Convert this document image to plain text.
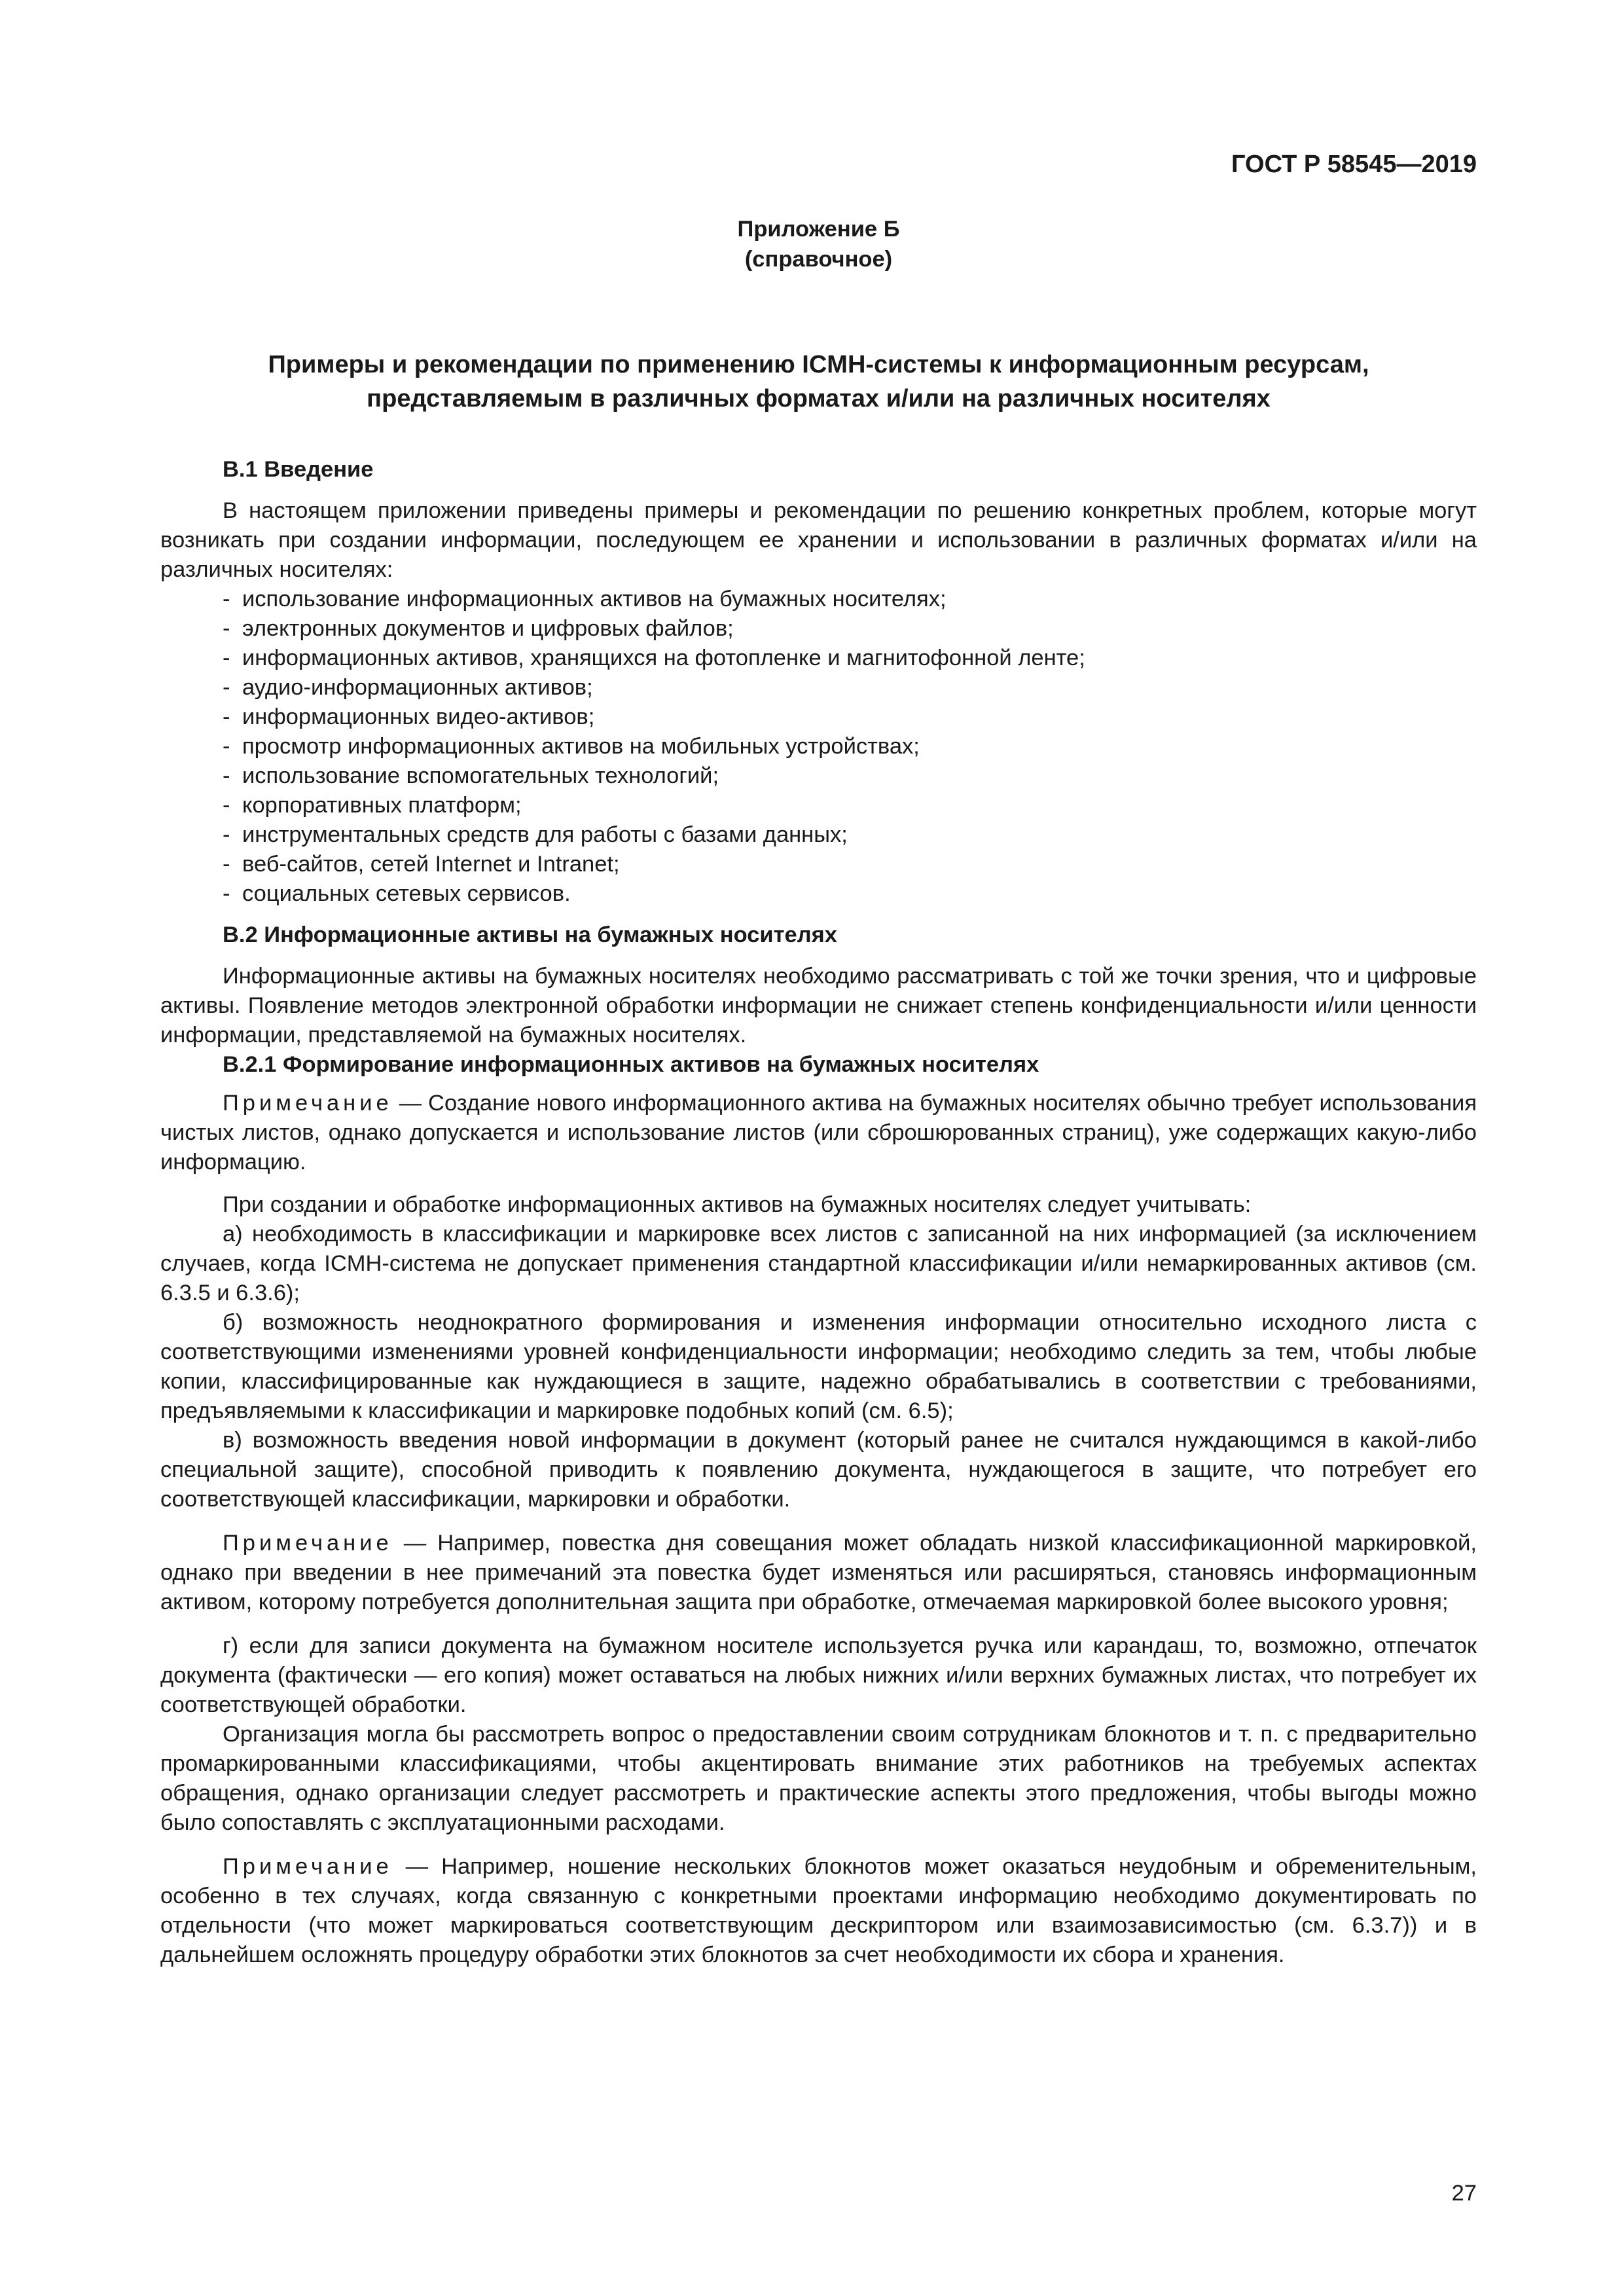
ГОСТ Р 58545—2019
Приложение Б
(справочное)
Примеры и рекомендации по применению ICMH-системы к информационным ресурсам,
представляемым в различных форматах и/или на различных носителях
В.1 Введение

В настоящем приложении приведены примеры и рекомендации по решению конкретных проблем, которые могут возникать при создании информации, последующем ее хранении и использовании в различных форматах и/или на различных носителях:

- использование информационных активов на бумажных носителях;
- электронных документов и цифровых файлов;
- информационных активов, хранящихся на фотопленке и магнитофонной ленте;
- аудио-информационных активов;
- информационных видео-активов;
- просмотр информационных активов на мобильных устройствах;
- использование вспомогательных технологий;
- корпоративных платформ;
- инструментальных средств для работы с базами данных;
- веб-сайтов, сетей Internet и Intranet;
- социальных сетевых сервисов.
В.2 Информационные активы на бумажных носителях

Информационные активы на бумажных носителях необходимо рассматривать с той же точки зрения, что и цифровые активы. Появление методов электронной обработки информации не снижает степень конфиденциальности и/или ценности информации, представляемой на бумажных носителях.

В.2.1 Формирование информационных активов на бумажных носителях

Примечание — Создание нового информационного актива на бумажных носителях обычно требует использования чистых листов, однако допускается и использование листов (или сброшюрованных страниц), уже содержащих какую-либо информацию.

При создании и обработке информационных активов на бумажных носителях следует учитывать:

а) необходимость в классификации и маркировке всех листов с записанной на них информацией (за исключением случаев, когда ICMH-система не допускает применения стандартной классификации и/или немаркированных активов (см. 6.3.5 и 6.3.6);

б) возможность неоднократного формирования и изменения информации относительно исходного листа с соответствующими изменениями уровней конфиденциальности информации; необходимо следить за тем, чтобы любые копии, классифицированные как нуждающиеся в защите, надежно обрабатывались в соответствии с требованиями, предъявляемыми к классификации и маркировке подобных копий (см. 6.5);

в) возможность введения новой информации в документ (который ранее не считался нуждающимся в какой-либо специальной защите), способной приводить к появлению документа, нуждающегося в защите, что потребует его соответствующей классификации, маркировки и обработки.

Примечание — Например, повестка дня совещания может обладать низкой классификационной маркировкой, однако при введении в нее примечаний эта повестка будет изменяться или расширяться, становясь информационным активом, которому потребуется дополнительная защита при обработке, отмечаемая маркировкой более высокого уровня;

г) если для записи документа на бумажном носителе используется ручка или карандаш, то, возможно, отпечаток документа (фактически — его копия) может оставаться на любых нижних и/или верхних бумажных листах, что потребует их соответствующей обработки.

Организация могла бы рассмотреть вопрос о предоставлении своим сотрудникам блокнотов и т. п. с предварительно промаркированными классификациями, чтобы акцентировать внимание этих работников на требуемых аспектах обращения, однако организации следует рассмотреть и практические аспекты этого предложения, чтобы выгоды можно было сопоставлять с эксплуатационными расходами.

Примечание — Например, ношение нескольких блокнотов может оказаться неудобным и обременительным, особенно в тех случаях, когда связанную с конкретными проектами информацию необходимо документировать по отдельности (что может маркироваться соответствующим дескриптором или взаимозависимостью (см. 6.3.7)) и в дальнейшем осложнять процедуру обработки этих блокнотов за счет необходимости их сбора и хранения.

27
